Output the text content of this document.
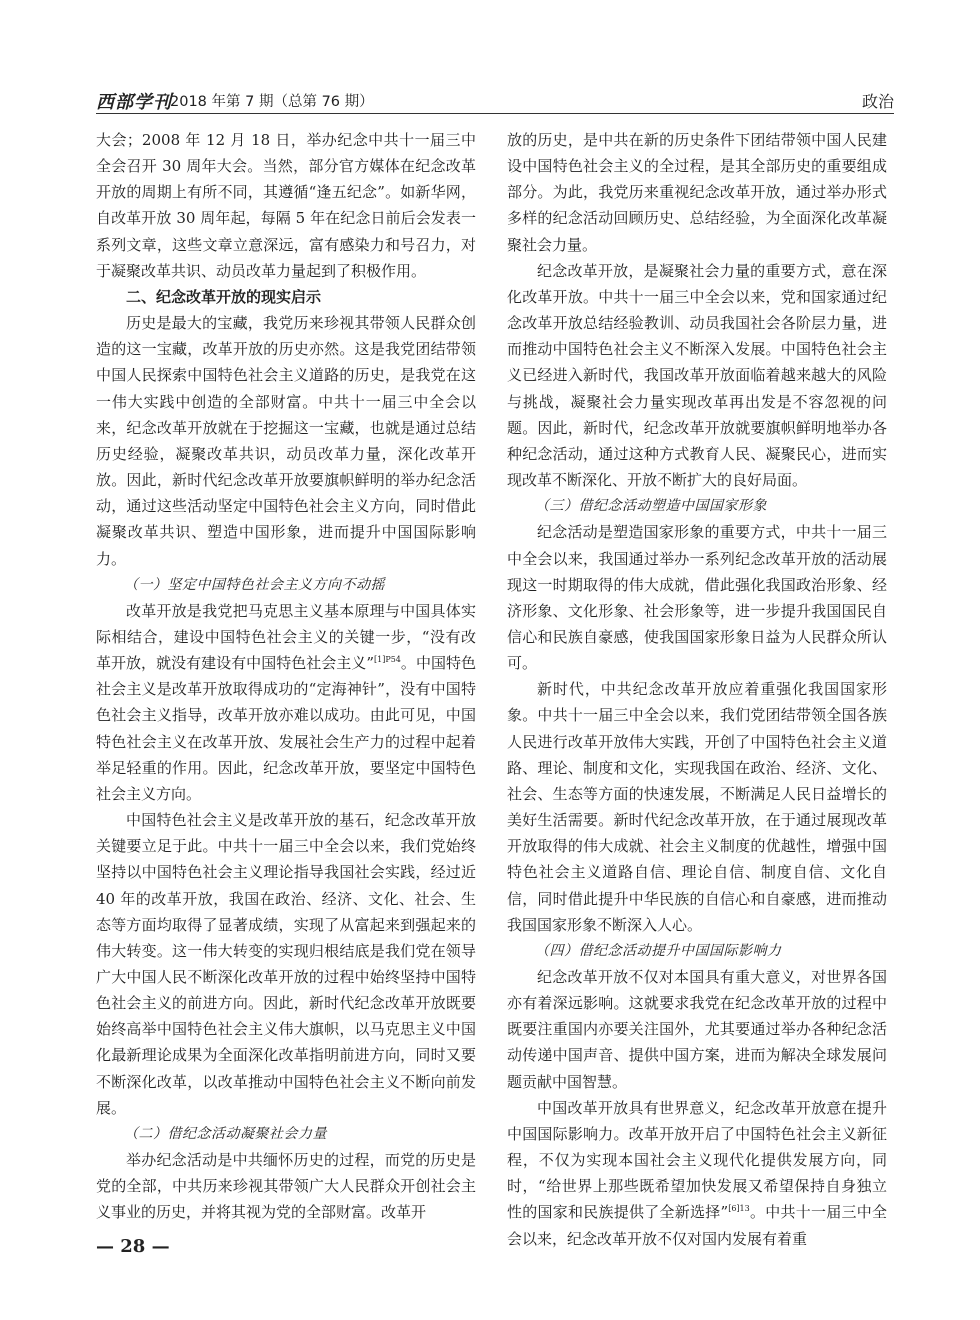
西部学刊
2018 年第 7 期（总第 76 期）	政治

大会；2008 年 12 月 18 日，举办纪念中共十一届三中全会召开 30 周年大会。当然，部分官方媒体在纪念改革开放的周期上有所不同，其遵循“逢五纪念”。如新华网，自改革开放 30 周年起，每隔 5 年在纪念日前后会发表一系列文章，这些文章立意深远，富有感染力和号召力，对于凝聚改革共识、动员改革力量起到了积极作用。

二、纪念改革开放的现实启示

历史是最大的宝藏，我党历来珍视其带领人民群众创造的这一宝藏，改革开放的历史亦然。这是我党团结带领中国人民探索中国特色社会主义道路的历史，是我党在这一伟大实践中创造的全部财富。中共十一届三中全会以来，纪念改革开放就在于挖掘这一宝藏，也就是通过总结历史经验，凝聚改革共识，动员改革力量，深化改革开放。因此，新时代纪念改革开放要旗帜鲜明的举办纪念活动，通过这些活动坚定中国特色社会主义方向，同时借此凝聚改革共识、塑造中国形象，进而提升中国国际影响力。

（一）坚定中国特色社会主义方向不动摇

改革开放是我党把马克思主义基本原理与中国具体实际相结合，建设中国特色社会主义的关键一步，“没有改革开放，就没有建设有中国特色社会主义”$^{[1]P54}$。中国特色社会主义是改革开放取得成功的“定海神针”，没有中国特色社会主义指导，改革开放亦难以成功。由此可见，中国特色社会主义在改革开放、发展社会生产力的过程中起着举足轻重的作用。因此，纪念改革开放，要坚定中国特色社会主义方向。

中国特色社会主义是改革开放的基石，纪念改革开放关键要立足于此。中共十一届三中全会以来，我们党始终坚持以中国特色社会主义理论指导我国社会实践，经过近 40 年的改革开放，我国在政治、经济、文化、社会、生态等方面均取得了显著成绩，实现了从富起来到强起来的伟大转变。这一伟大转变的实现归根结底是我们党在领导广大中国人民不断深化改革开放的过程中始终坚持中国特色社会主义的前进方向。因此，新时代纪念改革开放既要始终高举中国特色社会主义伟大旗帜，以马克思主义中国化最新理论成果为全面深化改革指明前进方向，同时又要不断深化改革，以改革推动中国特色社会主义不断向前发展。

（二）借纪念活动凝聚社会力量

举办纪念活动是中共缅怀历史的过程，而党的历史是党的全部，中共历来珍视其带领广大人民群众开创社会主义事业的历史，并将其视为党的全部财富。改革开

放的历史，是中共在新的历史条件下团结带领中国人民建设中国特色社会主义的全过程，是其全部历史的重要组成部分。为此，我党历来重视纪念改革开放，通过举办形式多样的纪念活动回顾历史、总结经验，为全面深化改革凝聚社会力量。

纪念改革开放，是凝聚社会力量的重要方式，意在深化改革开放。中共十一届三中全会以来，党和国家通过纪念改革开放总结经验教训、动员我国社会各阶层力量，进而推动中国特色社会主义不断深入发展。中国特色社会主义已经进入新时代，我国改革开放面临着越来越大的风险与挑战，凝聚社会力量实现改革再出发是不容忽视的问题。因此，新时代，纪念改革开放就要旗帜鲜明地举办各种纪念活动，通过这种方式教育人民、凝聚民心，进而实现改革不断深化、开放不断扩大的良好局面。

（三）借纪念活动塑造中国国家形象

纪念活动是塑造国家形象的重要方式，中共十一届三中全会以来，我国通过举办一系列纪念改革开放的活动展现这一时期取得的伟大成就，借此强化我国政治形象、经济形象、文化形象、社会形象等，进一步提升我国国民自信心和民族自豪感，使我国国家形象日益为人民群众所认可。

新时代，中共纪念改革开放应着重强化我国国家形象。中共十一届三中全会以来，我们党团结带领全国各族人民进行改革开放伟大实践，开创了中国特色社会主义道路、理论、制度和文化，实现我国在政治、经济、文化、社会、生态等方面的快速发展，不断满足人民日益增长的美好生活需要。新时代纪念改革开放，在于通过展现改革开放取得的伟大成就、社会主义制度的优越性，增强中国特色社会主义道路自信、理论自信、制度自信、文化自信，同时借此提升中华民族的自信心和自豪感，进而推动我国国家形象不断深入人心。

（四）借纪念活动提升中国国际影响力

纪念改革开放不仅对本国具有重大意义，对世界各国亦有着深远影响。这就要求我党在纪念改革开放的过程中既要注重国内亦要关注国外，尤其要通过举办各种纪念活动传递中国声音、提供中国方案，进而为解决全球发展问题贡献中国智慧。

中国改革开放具有世界意义，纪念改革开放意在提升中国国际影响力。改革开放开启了中国特色社会主义新征程，不仅为实现本国社会主义现代化提供发展方向，同时，“给世界上那些既希望加快发展又希望保持自身独立性的国家和民族提供了全新选择”$^{[6]13}$。中共十一届三中全会以来，纪念改革开放不仅对国内发展有着重

— 28 —
